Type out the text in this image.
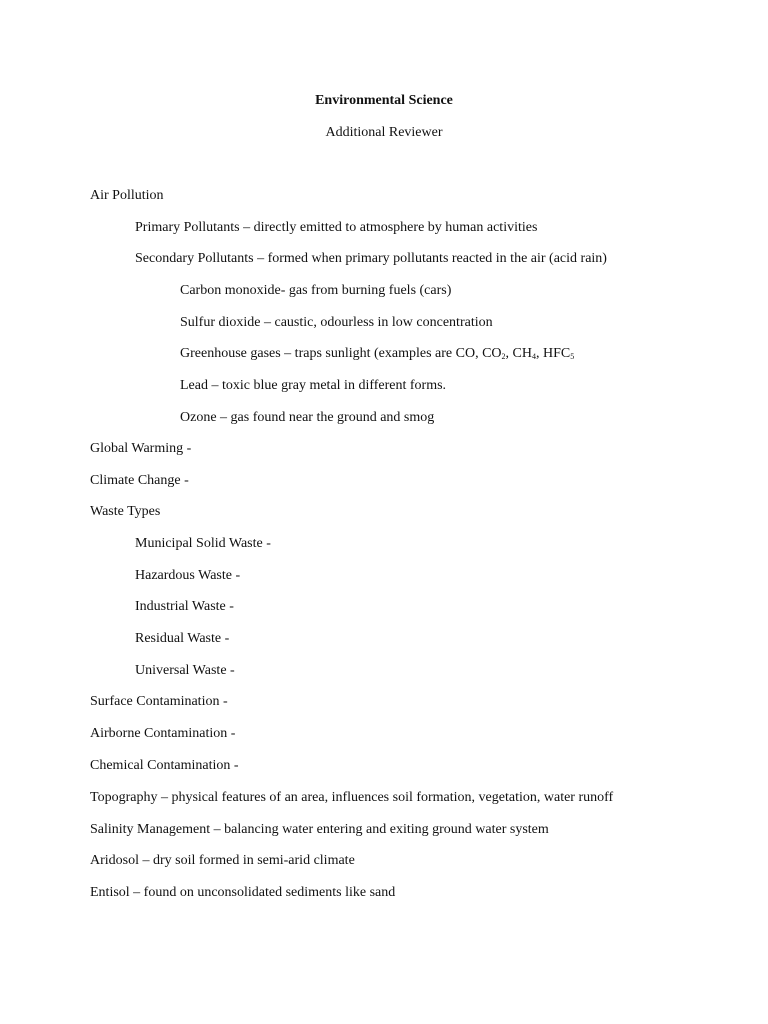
Environmental Science
Additional Reviewer
Air Pollution
Primary Pollutants – directly emitted to atmosphere by human activities
Secondary Pollutants – formed when primary pollutants reacted in the air (acid rain)
Carbon monoxide- gas from burning fuels (cars)
Sulfur dioxide – caustic, odourless in low concentration
Greenhouse gases – traps sunlight (examples are CO, $CO_2$, $CH_4$, $HFC_5$
Lead – toxic blue gray metal in different forms.
Ozone – gas found near the ground and smog
Global Warming -
Climate Change -
Waste Types
Municipal Solid Waste -
Hazardous Waste -
Industrial Waste -
Residual Waste -
Universal Waste -
Surface Contamination -
Airborne Contamination -
Chemical Contamination -
Topography – physical features of an area, influences soil formation, vegetation, water runoff
Salinity Management – balancing water entering and exiting ground water system
Aridosol – dry soil formed in semi-arid climate
Entisol – found on unconsolidated sediments like sand
